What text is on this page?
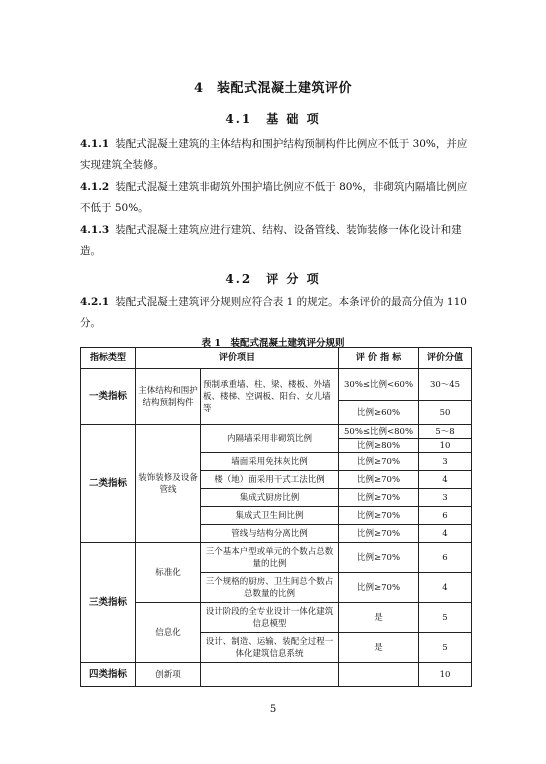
4　装配式混凝土建筑评价
4.1　基 础 项
4.1.1 装配式混凝土建筑的主体结构和围护结构预制构件比例应不低于 30%，并应实现建筑全装修。
4.1.2 装配式混凝土建筑非砌筑外围护墙比例应不低于 80%，非砌筑内隔墙比例应不低于 50%。
4.1.3 装配式混凝土建筑应进行建筑、结构、设备管线、装饰装修一体化设计和建造。
4.2　评 分 项
4.2.1 装配式混凝土建筑评分规则应符合表 1 的规定。本条评价的最高分值为 110 分。
表 1　装配式混凝土建筑评分规则
指标类型	评价项目		评 价 指 标	评价分值
一类指标	主体结构和围护结构预制构件	预制承重墙、柱、梁、楼板、外墙板、楼梯、空调板、阳台、女儿墙等	30%≤比例<60%	30～45
			比例≥60%	50
二类指标	装饰装修及设备管线	内隔墙采用非砌筑比例	50%≤比例<80%	5～8
			比例≥80%	10
		墙面采用免抹灰比例	比例≥70%	3
		楼（地）面采用干式工法比例	比例≥70%	4
		集成式厨房比例	比例≥70%	3
		集成式卫生间比例	比例≥70%	6
		管线与结构分离比例	比例≥70%	4

三类指标	标准化	三个基本户型或单元的个数占总数量的比例	比例≥70%	6
		三个规格的厨房、卫生间总个数占总数量的比例	比例≥70%	4
	信息化	设计阶段的全专业设计一体化建筑信息模型	是	5
		设计、制造、运输、装配全过程一体化建筑信息系统	是	5
四类指标	创新项			10
5
